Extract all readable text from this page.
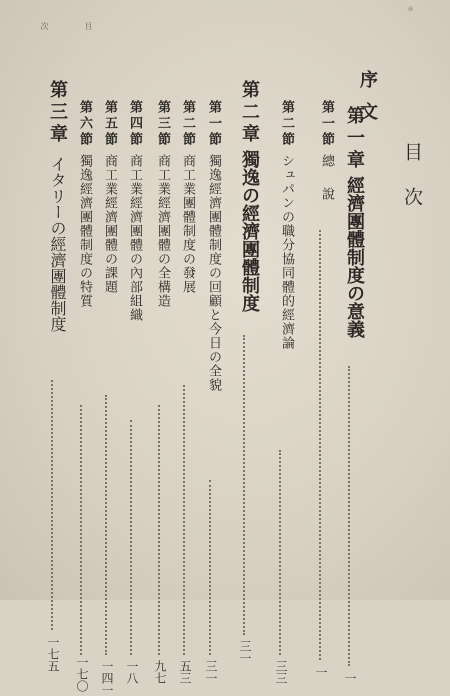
ǝ
次	目
目次
序文
第一章經濟團體制度の意義
一
第一節總說
一
第二節シュパンの職分協同體的經濟論
三三
第二章獨逸の經濟團體制度
三一
第一節獨逸經濟團體制度の回顧と今日の全貌
三一
第二節商工業團體制度の發展
五三
第三節商工業經濟團體の全構造
九七
第四節商工業經濟團體の內部組織
一八
第五節商工業經濟團體の課題
一四一
第六節獨逸經濟團體制度の特質
一七〇
第三章イタリーの經濟團體制度
一七五
